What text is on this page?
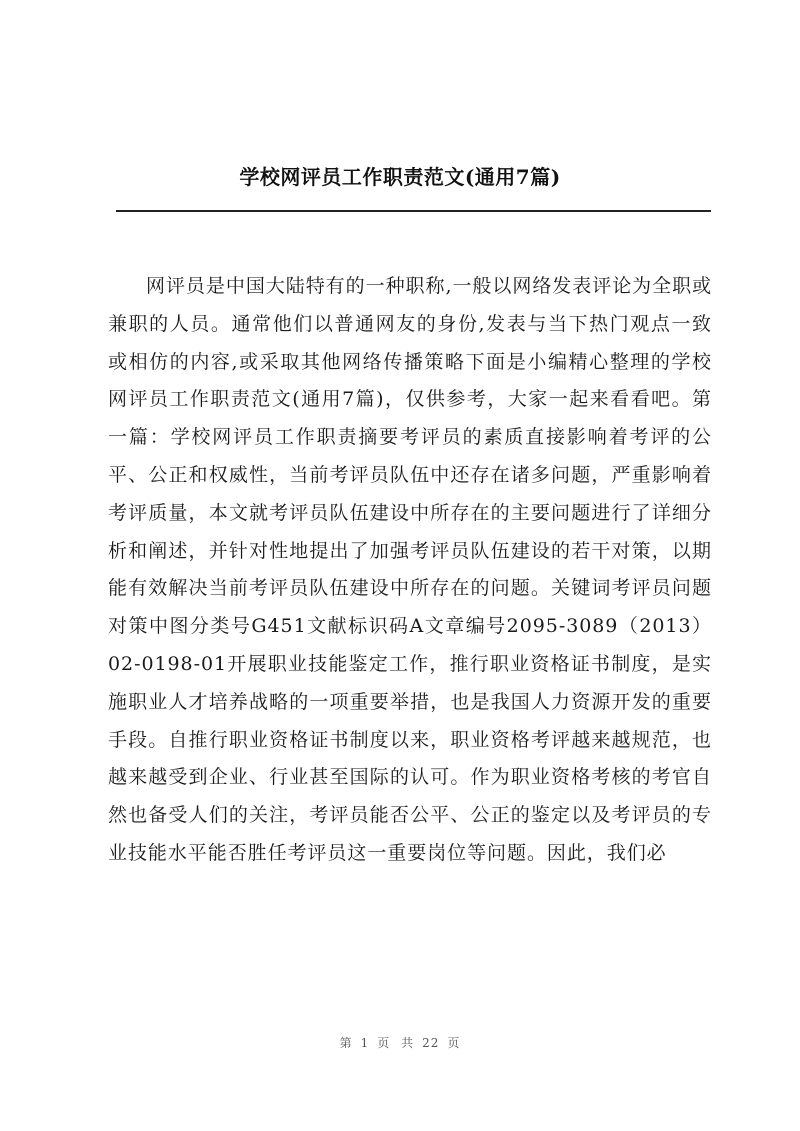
学校网评员工作职责范文(通用7篇)

网评员是中国大陆特有的一种职称,一般以网络发表评论为全职或兼职的人员。通常他们以普通网友的身份,发表与当下热门观点一致或相仿的内容,或采取其他网络传播策略下面是小编精心整理的学校网评员工作职责范文(通用7篇)，仅供参考，大家一起来看看吧。第一篇：学校网评员工作职责摘要考评员的素质直接影响着考评的公平、公正和权威性，当前考评员队伍中还存在诸多问题，严重影响着考评质量，本文就考评员队伍建设中所存在的主要问题进行了详细分析和阐述，并针对性地提出了加强考评员队伍建设的若干对策，以期能有效解决当前考评员队伍建设中所存在的问题。关键词考评员问题对策中图分类号G451文献标识码A文章编号2095-3089（2013）02-0198-01开展职业技能鉴定工作，推行职业资格证书制度，是实施职业人才培养战略的一项重要举措，也是我国人力资源开发的重要手段。自推行职业资格证书制度以来，职业资格考评越来越规范，也越来越受到企业、行业甚至国际的认可。作为职业资格考核的考官自然也备受人们的关注，考评员能否公平、公正的鉴定以及考评员的专业技能水平能否胜任考评员这一重要岗位等问题。因此，我们必

第 1 页 共 22 页
